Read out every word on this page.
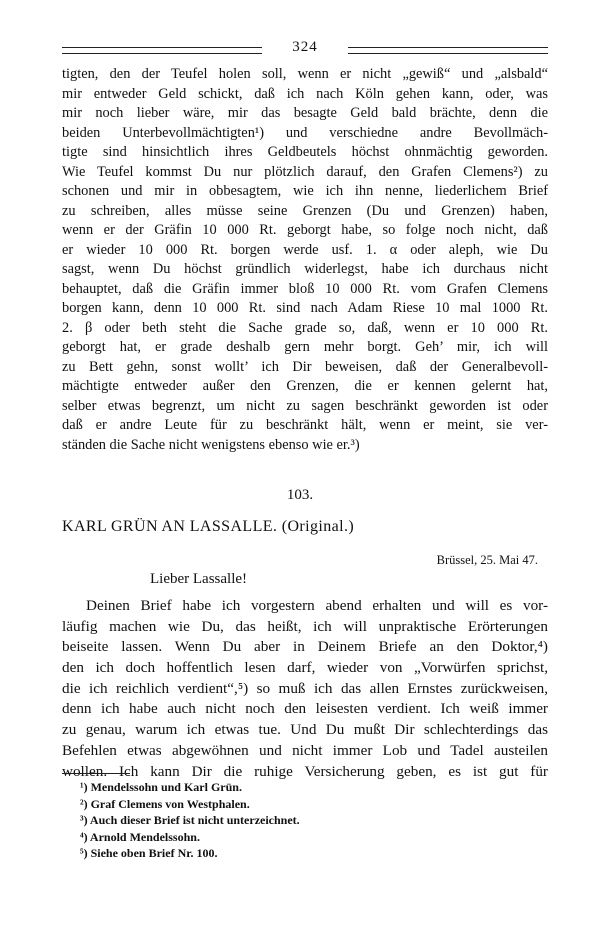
324
tigten, den der Teufel holen soll, wenn er nicht „gewiß“ und „alsbald“
mir entweder Geld schickt, daß ich nach Köln gehen kann, oder, was
mir noch lieber wäre, mir das besagte Geld bald brächte, denn die
beiden Unterbevollmächtigten¹) und verschiedne andre Bevollmäch-
tigte sind hinsichtlich ihres Geldbeutels höchst ohnmächtig geworden.
Wie Teufel kommst Du nur plötzlich darauf, den Grafen Clemens²) zu
schonen und mir in obbesagtem, wie ich ihn nenne, liederlichem Brief
zu schreiben, alles müsse seine Grenzen (Du und Grenzen) haben,
wenn er der Gräfin 10 000 Rt. geborgt habe, so folge noch nicht, daß
er wieder 10 000 Rt. borgen werde usf. 1. α oder aleph, wie Du
sagst, wenn Du höchst gründlich widerlegst, habe ich durchaus nicht
behauptet, daß die Gräfin immer bloß 10 000 Rt. vom Grafen Clemens
borgen kann, denn 10 000 Rt. sind nach Adam Riese 10 mal 1000 Rt.
2. β oder beth steht die Sache grade so, daß, wenn er 10 000 Rt.
geborgt hat, er grade deshalb gern mehr borgt. Geh’ mir, ich will
zu Bett gehn, sonst wollt’ ich Dir beweisen, daß der Generalbevoll-
mächtigte entweder außer den Grenzen, die er kennen gelernt hat,
selber etwas begrenzt, um nicht zu sagen beschränkt geworden ist oder
daß er andre Leute für zu beschränkt hält, wenn er meint, sie ver-
ständen die Sache nicht wenigstens ebenso wie er.³)
103.
KARL GRÜN AN LASSALLE. (Original.)
Brüssel, 25. Mai 47.
Lieber Lassalle!
Deinen Brief habe ich vorgestern abend erhalten und will es vor-
läufig machen wie Du, das heißt, ich will unpraktische Erörterungen
beiseite lassen. Wenn Du aber in Deinem Briefe an den Doktor,⁴)
den ich doch hoffentlich lesen darf, wieder von „Vorwürfen sprichst,
die ich reichlich verdient“,⁵) so muß ich das allen Ernstes zurückweisen,
denn ich habe auch nicht noch den leisesten verdient. Ich weiß immer
zu genau, warum ich etwas tue. Und Du mußt Dir schlechterdings das
Befehlen etwas abgewöhnen und nicht immer Lob und Tadel austeilen
wollen. Ich kann Dir die ruhige Versicherung geben, es ist gut für
¹) Mendelssohn und Karl Grün.
²) Graf Clemens von Westphalen.
³) Auch dieser Brief ist nicht unterzeichnet.
⁴) Arnold Mendelssohn.
⁵) Siehe oben Brief Nr. 100.
